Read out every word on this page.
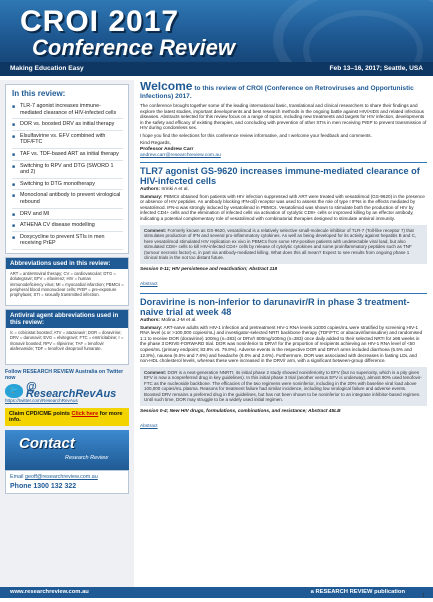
CROI 2017
Conference Review
Making Education Easy	Feb 13–16, 2017; Seattle, USA
In this review:
■ TLR-7 agonist increases immune-mediated clearance of HIV-infected cells
■ DOR vs. boosted DRV as initial therapy
■ Elsulfavirine vs. EFV combined with TDF/FTC
■ TAF vs. TDF-based ART as initial therapy
■ Switching to RPV and DTG (SWORD 1 and 2)
■ Switching to DTG monotherapy
■ Monoclonal antibody to prevent virological rebound
■ DRV and MI
■ ATHENA CV disease modelling
■ Doxycycline to prevent STIs in men receiving PrEP
Abbreviations used in this review:
ART = antiretroviral therapy; CV = cardiovascular; DTG = dolutegravir; EFV = efavirenz; HIV = human immunodeficiency virus; MI = myocardial infarction; PBMCs = peripheral blood mononuclear cells; PrEP = pre-exposure prophylaxis; STI = sexually transmitted infection.
Antiviral agent abbreviations used in this review:
/c = cobicistat boosted; ATV = atazanavir; DOR = doravirine; DRV = darunavir; EVG = elvitegravir; FTC = emtricitabine; r = ritonavir boosted; RPV = rilpivirine; TAF = tenofovir alafenamide; TDF = tenofovir disoproxil fumarate.
Follow RESEARCH REVIEW Australia on Twitter now
🐦 @ ResearchRevAus
https://twitter.com/ResearchRevAus
Claim CPD/CME points Click here for more info.
Contact
Research Review
Email geoff@researchreview.com.au
Phone 1300 132 322
Welcome to this review of CROI (Conference on Retroviruses and Opportunistic Infections) 2017.
The conference brought together some of the leading international basic, translational and clinical researchers to share their findings and explore the latest studies, important developments and best research methods in the ongoing battle against HIV/AIDS and related infectious diseases. Abstracts selected for this review focus on a range of topics, including new treatments and targets for HIV infection, developments in the safety and efficacy of existing therapies, and concluding with prevention of other STIs in men receiving PrEP to prevent transmission of HIV during condomless sex.
I hope you find the selections for this conference review informative, and I welcome your feedback and comments.
Kind Regards,
Professor Andrew Carr
andrew.carr@researchreview.com.au
TLR7 agonist GS-9620 increases immune-mediated clearance of HIV-infected cells
Authors: Irrinki A et al.
Summary: PBMCs obtained from patients with HIV infection suppressed with ART were treated with vesatolimod (GS-9620) in the presence or absence of HIV peptides. An antibody blocking IFN-α/β receptor was used to assess the role of type I IFNs in the effects mediated by vesatolimod. IFN-α was strongly induced by vesatolimod in PBMCs. Vesatolimod was shown to stimulate both the production of HIV by infected CD4+ cells and the elimination of infected cells via activation of cytolytic CD8+ cells or improved killing by an effector antibody, indicating a potential complementary role of vesatolimod with combinatorial therapies designed to stimulate antiviral immunity.
Comment: Formerly known as GS-9620, vesatolimod is a relatively selective small-molecule inhibitor of TLR-7 (Toll-like receptor 7) that stimulates production of IFN and several pro-inflammatory cytokines. As well as being developed for its activity against hepatitis B and C, here vesatolimod stimulated HIV replication ex vivo in PBMCs from some HIV-positive patients with undetectable viral load, but also stimulated CD8+ cells to kill HIV-infected CD4+ cells by release of cytolytic cytokines and some proinflammatory peptides such as TNF (tumour necrosis factor)-α, in part via antibody-mediated killing. What does this all mean? Expect to see results from ongoing phase 1 clinical trials in the not too distant future.
Session 0-11; HIV persistence and reactivation; Abstract 118
Abstract
Doravirine is non-inferior to darunavir/R in phase 3 treatment-naive trial at week 48
Authors: Molina J-M et al.
Summary: ART-naïve adults with HIV-1 infection and pretreatment HIV-1 RNA levels ≥1000 copies/mL were stratified by screening HIV-1 RNA level (≤ or >100,000 copies/mL) and investigator-selected NRTI backbone therapy (TDF/FTC or abacavir/lamivudine) and randomised 1:1 to receive DOR (doravirine) 100mg (n=383) or DRV/r 800mg/100mg (n=383) once daily added to their selected NRTI for ≥96 weeks in the phase 3 DRIVE-FORWARD trial. DOR was noninferior to DRV/r for the proportion of recipients achieving an HIV-1 RNA level of <50 copies/mL (primary endpoint; 83.8% vs. 79.9%). Adverse events in the respective DOR and DRV/r arms included diarrhoea (5.5% and 12.8%), nausea (6.5% and 7.6%) and headache (6.0% and 2.6%). Furthermore, DOR was associated with decreases in fasting LDL and non-HDL cholesterol levels, whereas these were increased in the DRV/r arm, with a significant between-group difference.
Comment: DOR is a next-generation NNRTI; its initial phase 2 study showed noninferiority to EFV (but no superiority, which is a pity given EFV is now a nonpreferred drug in key guidelines). In this initial phase 3 trial (another versus EFV is underway), almost 90% used tenofovir-FTC as the nucleoside backbone. The efficacies of the two regimens were noninferior, including in the 20% with baseline viral load above 100,000 copies/mL plasma. Reasons for treatment failure had similar incidence, including low virological failure and adverse events. Boosted DRV remains a preferred drug in the guidelines, but has not been shown to be noninferior to an integrase inhibitor-based regimen. Until such time, DOR may struggle to be a widely used initial regimen.
Session 0-4; New HIV drugs, formulations, combinations, and resistance; Abstract 45LB
Abstract
www.researchreview.com.au	a RESEARCH REVIEW publication
1
